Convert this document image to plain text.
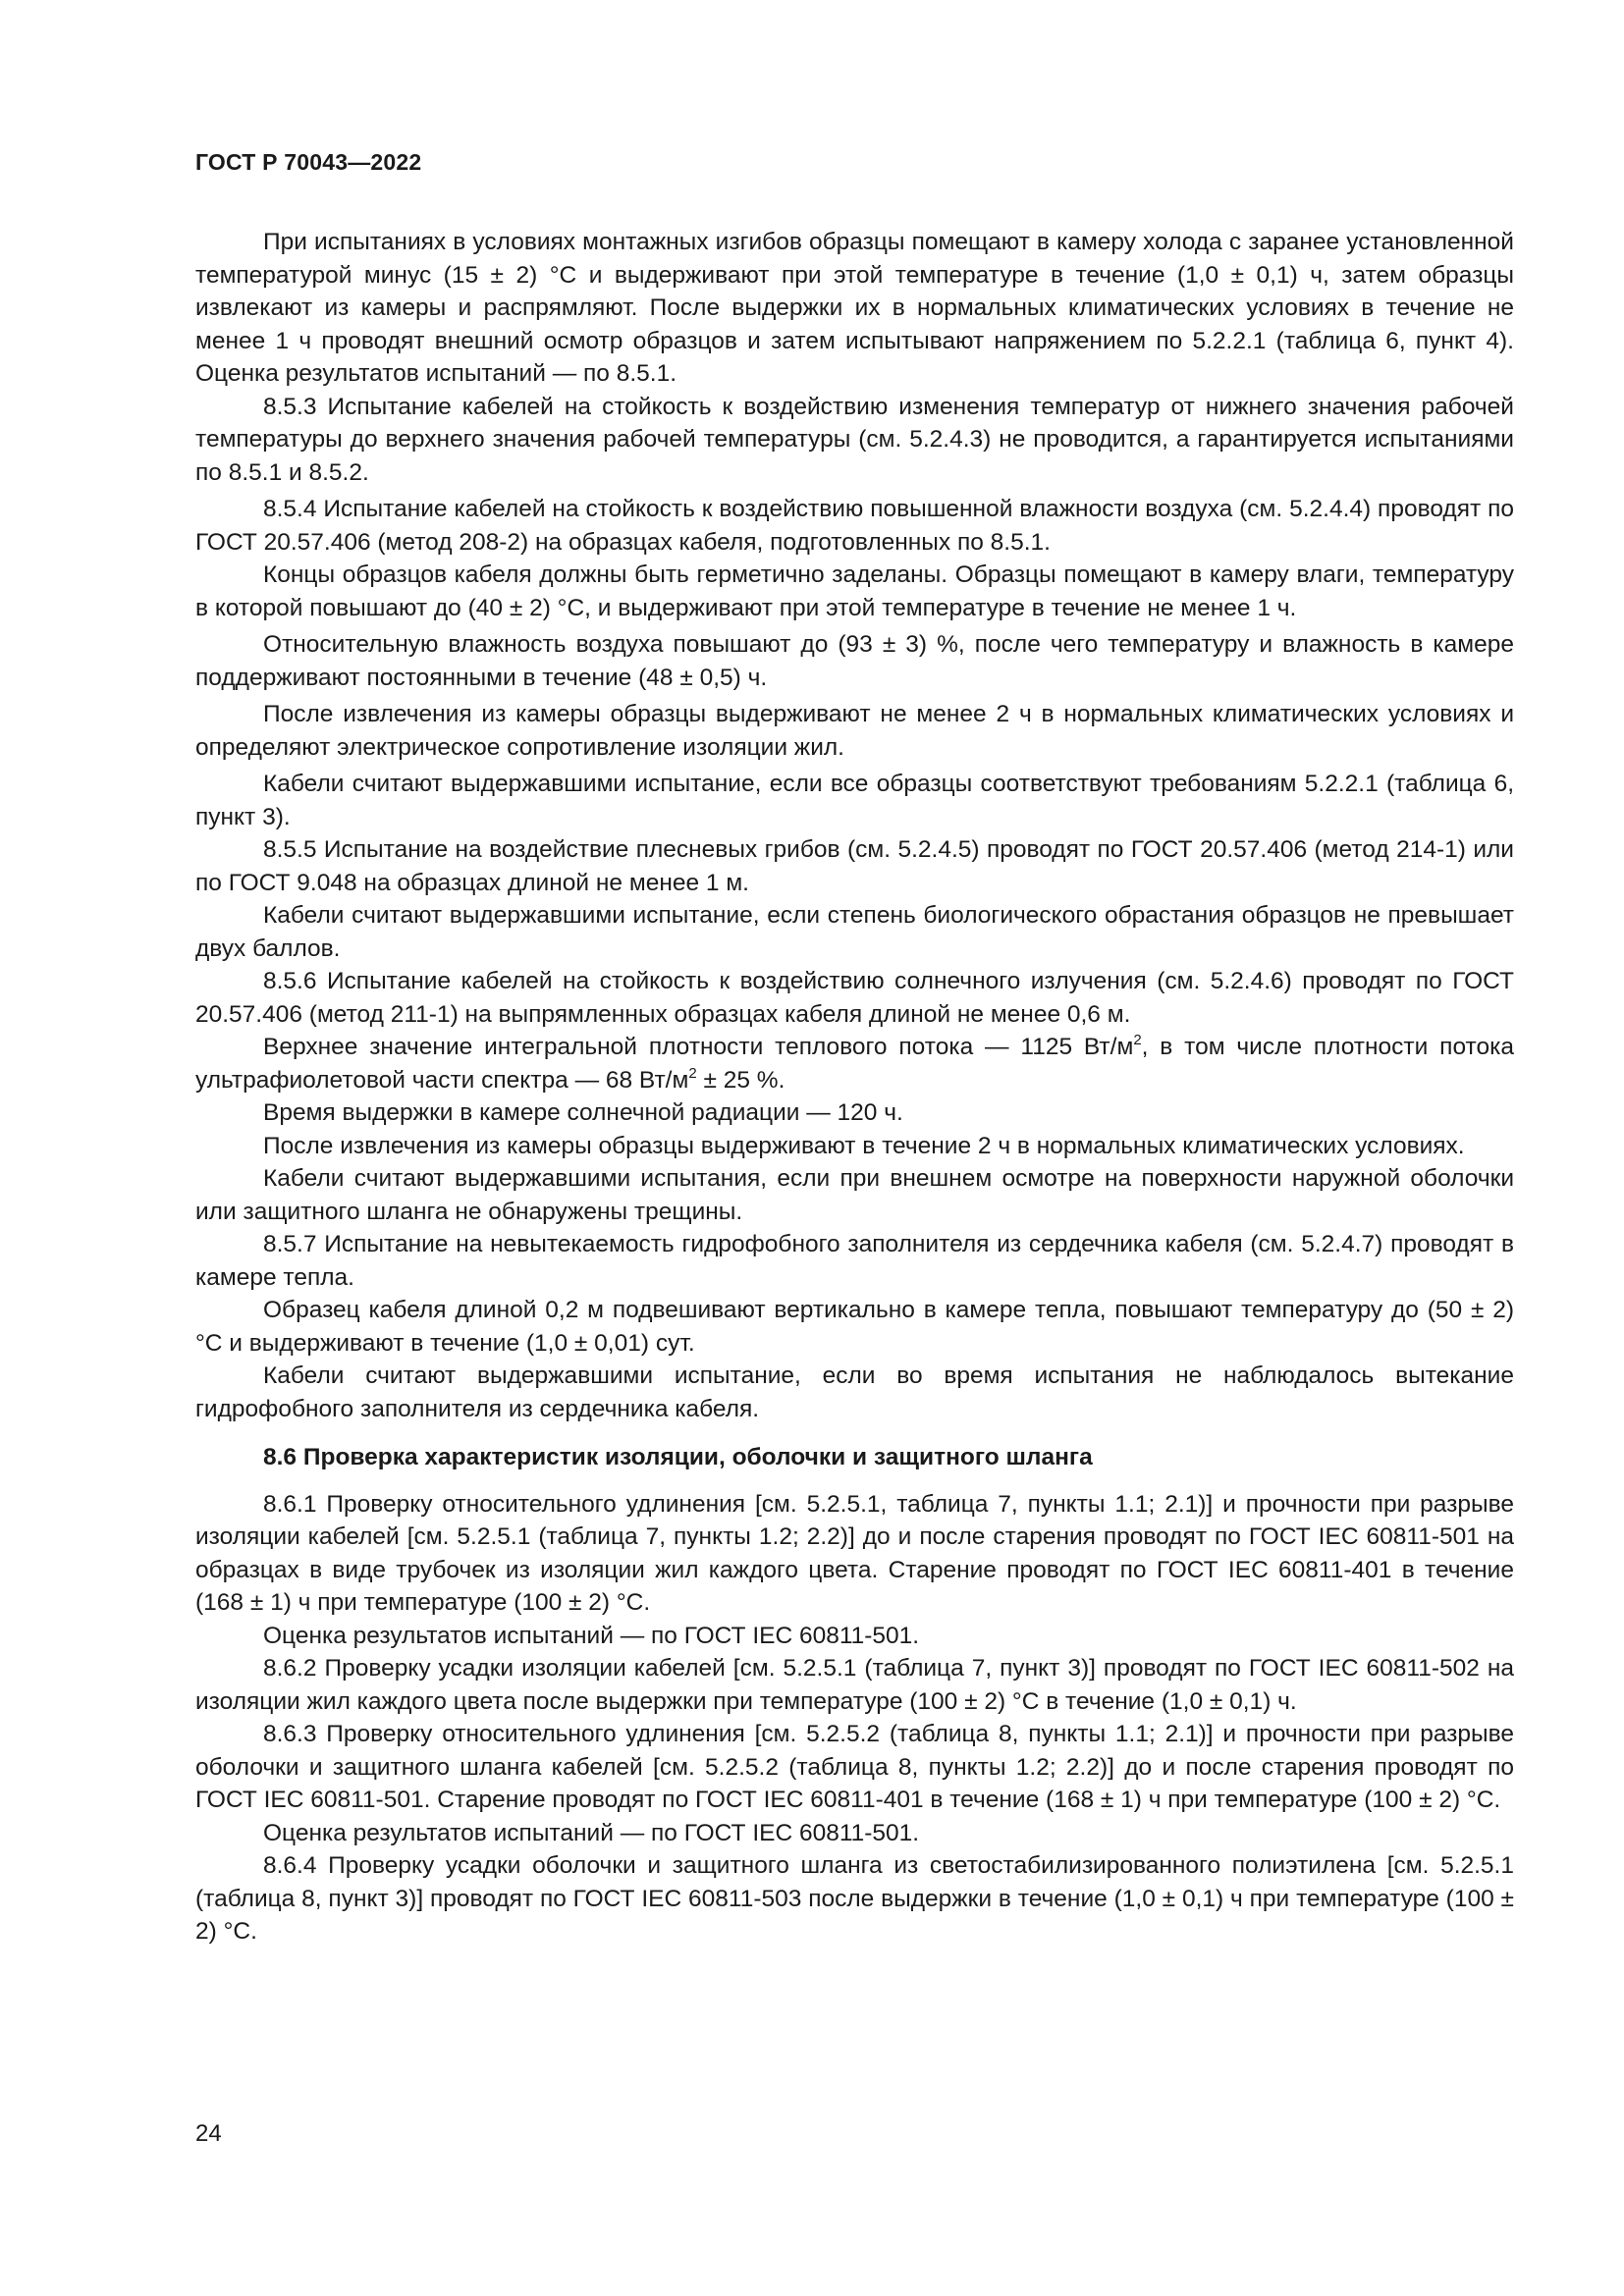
ГОСТ Р 70043—2022

При испытаниях в условиях монтажных изгибов образцы помещают в камеру холода с заранее установленной температурой минус (15 ± 2) °С и выдерживают при этой температуре в течение (1,0 ± 0,1) ч, затем образцы извлекают из камеры и распрямляют. После выдержки их в нормальных климатических условиях в течение не менее 1 ч проводят внешний осмотр образцов и затем испытывают напряжением по 5.2.2.1 (таблица 6, пункт 4). Оценка результатов испытаний — по 8.5.1.

8.5.3 Испытание кабелей на стойкость к воздействию изменения температур от нижнего значения рабочей температуры до верхнего значения рабочей температуры (см. 5.2.4.3) не проводится, а гарантируется испытаниями по 8.5.1 и 8.5.2.

8.5.4 Испытание кабелей на стойкость к воздействию повышенной влажности воздуха (см. 5.2.4.4) проводят по ГОСТ 20.57.406 (метод 208-2) на образцах кабеля, подготовленных по 8.5.1.

Концы образцов кабеля должны быть герметично заделаны. Образцы помещают в камеру влаги, температуру в которой повышают до (40 ± 2) °С, и выдерживают при этой температуре в течение не менее 1 ч.

Относительную влажность воздуха повышают до (93 ± 3) %, после чего температуру и влажность в камере поддерживают постоянными в течение (48 ± 0,5) ч.

После извлечения из камеры образцы выдерживают не менее 2 ч в нормальных климатических условиях и определяют электрическое сопротивление изоляции жил.

Кабели считают выдержавшими испытание, если все образцы соответствуют требованиям 5.2.2.1 (таблица 6, пункт 3).

8.5.5 Испытание на воздействие плесневых грибов (см. 5.2.4.5) проводят по ГОСТ 20.57.406 (метод 214-1) или по ГОСТ 9.048 на образцах длиной не менее 1 м.

Кабели считают выдержавшими испытание, если степень биологического обрастания образцов не превышает двух баллов.

8.5.6 Испытание кабелей на стойкость к воздействию солнечного излучения (см. 5.2.4.6) проводят по ГОСТ 20.57.406 (метод 211-1) на выпрямленных образцах кабеля длиной не менее 0,6 м.

Верхнее значение интегральной плотности теплового потока — 1125 $Вт/м^2$, в том числе плотности потока ультрафиолетовой части спектра — 68 $Вт/м^2 \pm 25$ %.

Время выдержки в камере солнечной радиации — 120 ч.

После извлечения из камеры образцы выдерживают в течение 2 ч в нормальных климатических условиях.

Кабели считают выдержавшими испытания, если при внешнем осмотре на поверхности наружной оболочки или защитного шланга не обнаружены трещины.

8.5.7 Испытание на невытекаемость гидрофобного заполнителя из сердечника кабеля (см. 5.2.4.7) проводят в камере тепла.

Образец кабеля длиной 0,2 м подвешивают вертикально в камере тепла, повышают температуру до (50 ± 2) °С и выдерживают в течение (1,0 ± 0,01) сут.

Кабели считают выдержавшими испытание, если во время испытания не наблюдалось вытекание гидрофобного заполнителя из сердечника кабеля.

8.6 Проверка характеристик изоляции, оболочки и защитного шланга

8.6.1 Проверку относительного удлинения [см. 5.2.5.1, таблица 7, пункты 1.1; 2.1)] и прочности при разрыве изоляции кабелей [см. 5.2.5.1 (таблица 7, пункты 1.2; 2.2)] до и после старения проводят по ГОСТ IEC 60811-501 на образцах в виде трубочек из изоляции жил каждого цвета. Старение проводят по ГОСТ IEC 60811-401 в течение (168 ± 1) ч при температуре (100 ± 2) °С.

Оценка результатов испытаний — по ГОСТ IEC 60811-501.

8.6.2 Проверку усадки изоляции кабелей [см. 5.2.5.1 (таблица 7, пункт 3)] проводят по ГОСТ IEC 60811-502 на изоляции жил каждого цвета после выдержки при температуре (100 ± 2) °С в течение (1,0 ± 0,1) ч.

8.6.3 Проверку относительного удлинения [см. 5.2.5.2 (таблица 8, пункты 1.1; 2.1)] и прочности при разрыве оболочки и защитного шланга кабелей [см. 5.2.5.2 (таблица 8, пункты 1.2; 2.2)] до и после старения проводят по ГОСТ IEC 60811-501. Старение проводят по ГОСТ IEC 60811-401 в течение (168 ± 1) ч при температуре (100 ± 2) °С.

Оценка результатов испытаний — по ГОСТ IEC 60811-501.

8.6.4 Проверку усадки оболочки и защитного шланга из светостабилизированного полиэтилена [см. 5.2.5.1 (таблица 8, пункт 3)] проводят по ГОСТ IEC 60811-503 после выдержки в течение (1,0 ± 0,1) ч при температуре (100 ± 2) °С.

24
